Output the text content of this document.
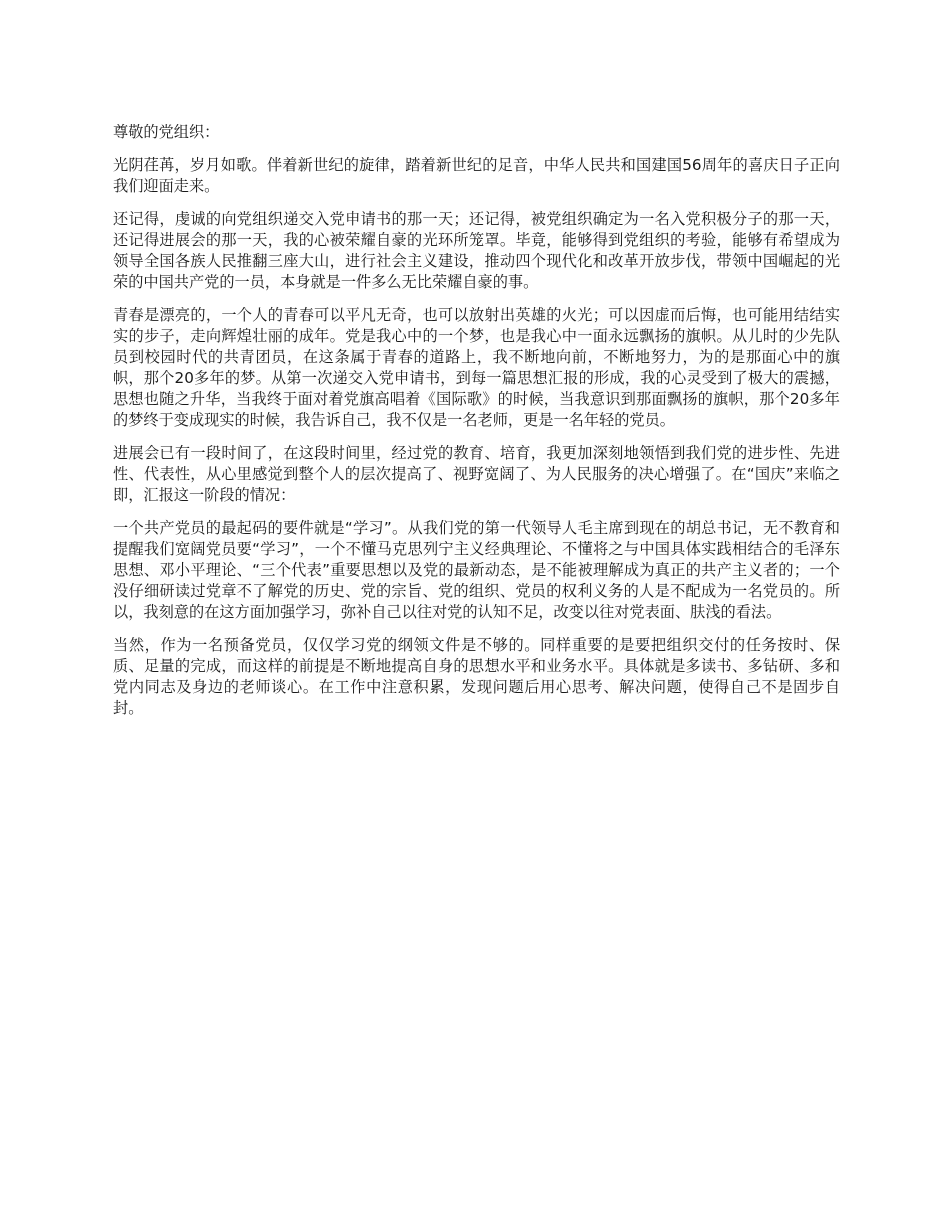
尊敬的党组织：

光阴荏苒，岁月如歌。伴着新世纪的旋律，踏着新世纪的足音，中华人民共和国建国56周年的喜庆日子正向我们迎面走来。

还记得，虔诚的向党组织递交入党申请书的那一天；还记得，被党组织确定为一名入党积极分子的那一天，还记得进展会的那一天，我的心被荣耀自豪的光环所笼罩。毕竟，能够得到党组织的考验，能够有希望成为领导全国各族人民推翻三座大山，进行社会主义建设，推动四个现代化和改革开放步伐，带领中国崛起的光荣的中国共产党的一员，本身就是一件多么无比荣耀自豪的事。

青春是漂亮的，一个人的青春可以平凡无奇，也可以放射出英雄的火光；可以因虚而后悔，也可能用结结实实的步子，走向辉煌壮丽的成年。党是我心中的一个梦，也是我心中一面永远飘扬的旗帜。从儿时的少先队员到校园时代的共青团员，在这条属于青春的道路上，我不断地向前，不断地努力，为的是那面心中的旗帜，那个20多年的梦。从第一次递交入党申请书，到每一篇思想汇报的形成，我的心灵受到了极大的震撼，思想也随之升华，当我终于面对着党旗高唱着《国际歌》的时候，当我意识到那面飘扬的旗帜，那个20多年的梦终于变成现实的时候，我告诉自己，我不仅是一名老师，更是一名年轻的党员。

进展会已有一段时间了，在这段时间里，经过党的教育、培育，我更加深刻地领悟到我们党的进步性、先进性、代表性，从心里感觉到整个人的层次提高了、视野宽阔了、为人民服务的决心增强了。在“国庆”来临之即，汇报这一阶段的情况：

一个共产党员的最起码的要件就是“学习”。从我们党的第一代领导人毛主席到现在的胡总书记，无不教育和提醒我们宽阔党员要“学习”，一个不懂马克思列宁主义经典理论、不懂将之与中国具体实践相结合的毛泽东思想、邓小平理论、“三个代表”重要思想以及党的最新动态，是不能被理解成为真正的共产主义者的；一个没仔细研读过党章不了解党的历史、党的宗旨、党的组织、党员的权利义务的人是不配成为一名党员的。所以，我刻意的在这方面加强学习，弥补自己以往对党的认知不足，改变以往对党表面、肤浅的看法。

当然，作为一名预备党员，仅仅学习党的纲领文件是不够的。同样重要的是要把组织交付的任务按时、保质、足量的完成，而这样的前提是不断地提高自身的思想水平和业务水平。具体就是多读书、多钻研、多和党内同志及身边的老师谈心。在工作中注意积累，发现问题后用心思考、解决问题，使得自己不是固步自封。
